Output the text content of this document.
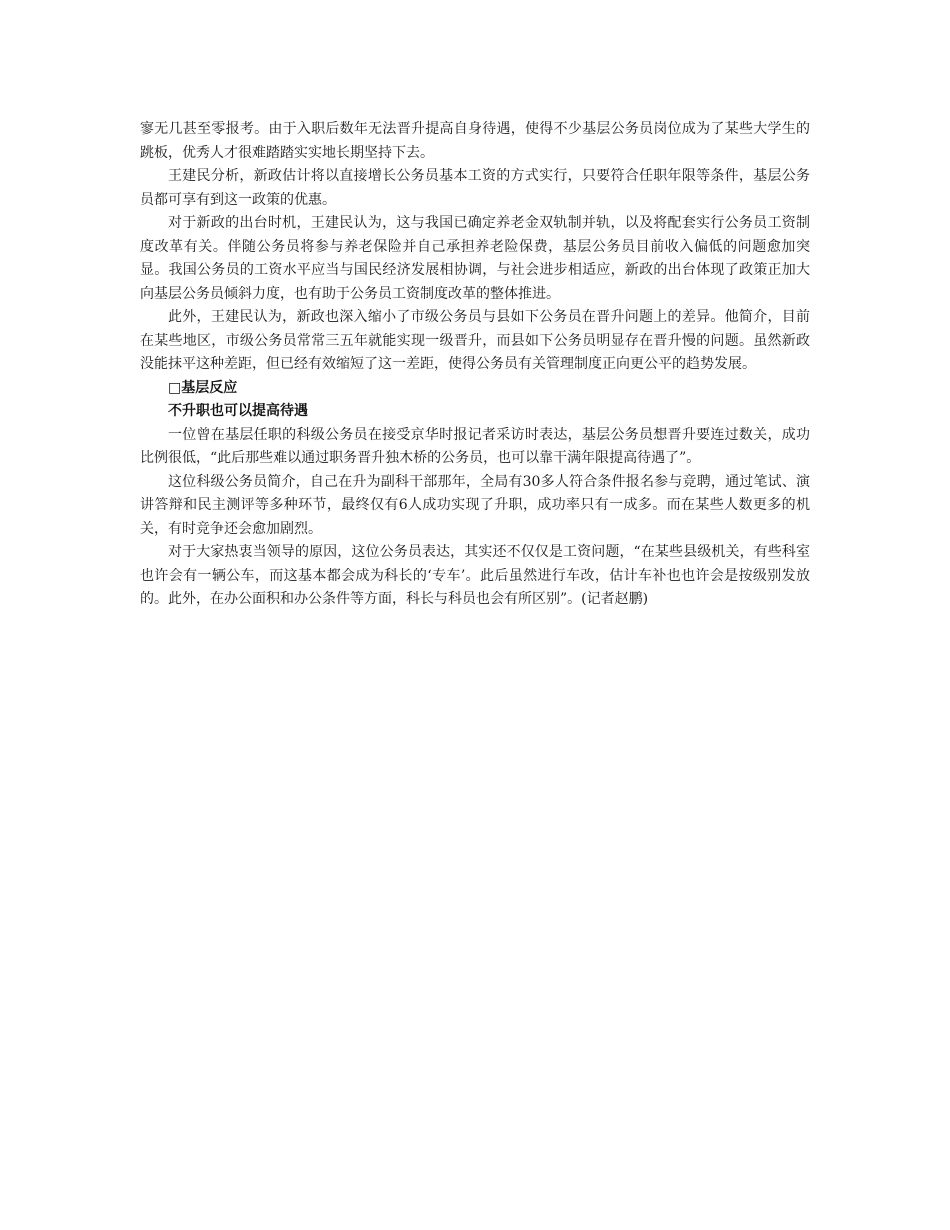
寥无几甚至零报考。由于入职后数年无法晋升提高自身待遇，使得不少基层公务员岗位成为了某些大学生的跳板，优秀人才很难踏踏实实地长期坚持下去。

王建民分析，新政估计将以直接增长公务员基本工资的方式实行，只要符合任职年限等条件，基层公务员都可享有到这一政策的优惠。

对于新政的出台时机，王建民认为，这与我国已确定养老金双轨制并轨，以及将配套实行公务员工资制度改革有关。伴随公务员将参与养老保险并自己承担养老险保费，基层公务员目前收入偏低的问题愈加突显。我国公务员的工资水平应当与国民经济发展相协调，与社会进步相适应，新政的出台体现了政策正加大向基层公务员倾斜力度，也有助于公务员工资制度改革的整体推进。

此外，王建民认为，新政也深入缩小了市级公务员与县如下公务员在晋升问题上的差异。他简介，目前在某些地区，市级公务员常常三五年就能实现一级晋升，而县如下公务员明显存在晋升慢的问题。虽然新政没能抹平这种差距，但已经有效缩短了这一差距，使得公务员有关管理制度正向更公平的趋势发展。

□基层反应

不升职也可以提高待遇

一位曾在基层任职的科级公务员在接受京华时报记者采访时表达，基层公务员想晋升要连过数关，成功比例很低，“此后那些难以通过职务晋升独木桥的公务员，也可以靠干满年限提高待遇了”。

这位科级公务员简介，自己在升为副科干部那年，全局有30多人符合条件报名参与竞聘，通过笔试、演讲答辩和民主测评等多种环节，最终仅有6人成功实现了升职，成功率只有一成多。而在某些人数更多的机关，有时竞争还会愈加剧烈。

对于大家热衷当领导的原因，这位公务员表达，其实还不仅仅是工资问题，“在某些县级机关，有些科室也许会有一辆公车，而这基本都会成为科长的‘专车’。此后虽然进行车改，估计车补也也许会是按级别发放的。此外，在办公面积和办公条件等方面，科长与科员也会有所区别”。(记者赵鹏)
